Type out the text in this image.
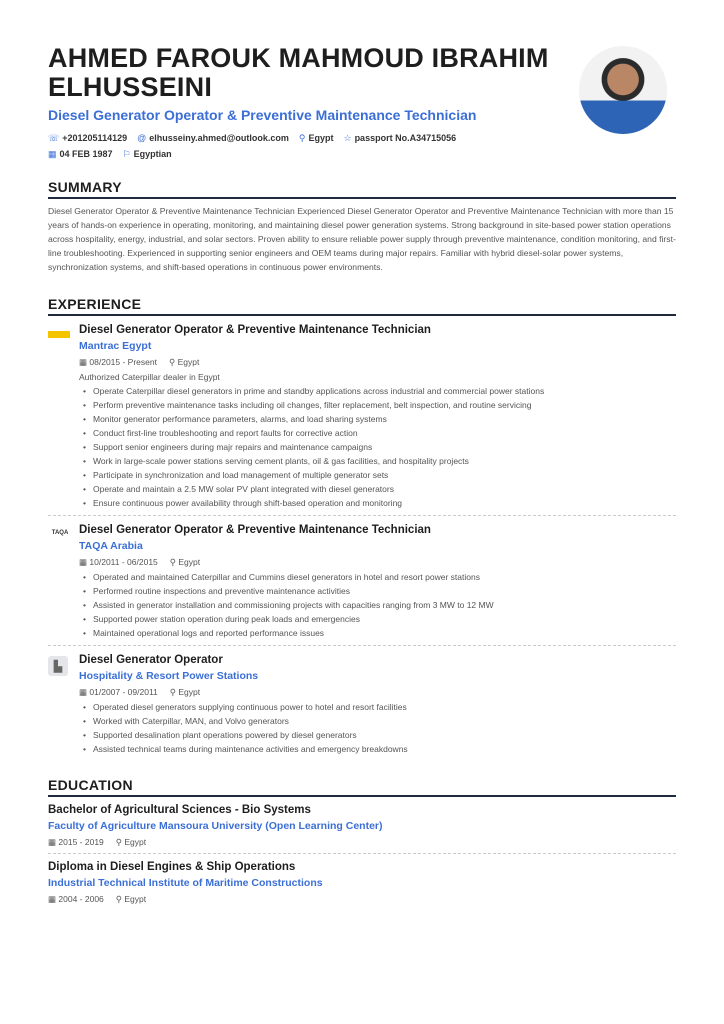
AHMED FAROUK MAHMOUD IBRAHIM ELHUSSEINI
Diesel Generator Operator & Preventive Maintenance Technician
☏ +201205114129 @ elhusseiny.ahmed@outlook.com ⚲ Egypt ☆ passport No.A34715056
▦ 04 FEB 1987 ⚐ Egyptian
SUMMARY

Diesel Generator Operator & Preventive Maintenance Technician Experienced Diesel Generator Operator and Preventive Maintenance Technician with more than 15 years of hands-on experience in operating, monitoring, and maintaining diesel power generation systems. Strong background in site-based power station operations across hospitality, energy, industrial, and solar sectors. Proven ability to ensure reliable power supply through preventive maintenance, condition monitoring, and first-line troubleshooting. Experienced in supporting senior engineers and OEM teams during major repairs. Familiar with hybrid diesel-solar power systems, synchronization systems, and shift-based operations in continuous power environments.

EXPERIENCE
Diesel Generator Operator & Preventive Maintenance Technician
Mantrac Egypt
▦ 08/2015 - Present ⚲ Egypt
Authorized Caterpillar dealer in Egypt
• Operate Caterpillar diesel generators in prime and standby applications across industrial and commercial power stations
• Perform preventive maintenance tasks including oil changes, filter replacement, belt inspection, and routine servicing
• Monitor generator performance parameters, alarms, and load sharing systems
• Conduct first-line troubleshooting and report faults for corrective action
• Support senior engineers during majr repairs and maintenance campaigns
• Work in large-scale power stations serving cement plants, oil & gas facilities, and hospitality projects
• Participate in synchronization and load management of multiple generator sets
• Operate and maintain a 2.5 MW solar PV plant integrated with diesel generators
• Ensure continuous power availability through shift-based operation and monitoring
TAQA Diesel Generator Operator & Preventive Maintenance Technician
TAQA Arabia
▦ 10/2011 - 06/2015 ⚲ Egypt
• Operated and maintained Caterpillar and Cummins diesel generators in hotel and resort power stations
• Performed routine inspections and preventive maintenance activities
• Assisted in generator installation and commissioning projects with capacities ranging from 3 MW to 12 MW
• Supported power station operation during peak loads and emergencies
• Maintained operational logs and reported performance issues
▙
Diesel Generator Operator
Hospitality & Resort Power Stations
▦ 01/2007 - 09/2011 ⚲ Egypt
• Operated diesel generators supplying continuous power to hotel and resort facilities
• Worked with Caterpillar, MAN, and Volvo generators
• Supported desalination plant operations powered by diesel generators
• Assisted technical teams during maintenance activities and emergency breakdowns
EDUCATION
Bachelor of Agricultural Sciences - Bio Systems
Faculty of Agriculture Mansoura University (Open Learning Center)
▦ 2015 - 2019 ⚲ Egypt
Diploma in Diesel Engines & Ship Operations
Industrial Technical Institute of Maritime Constructions
▦ 2004 - 2006 ⚲ Egypt
